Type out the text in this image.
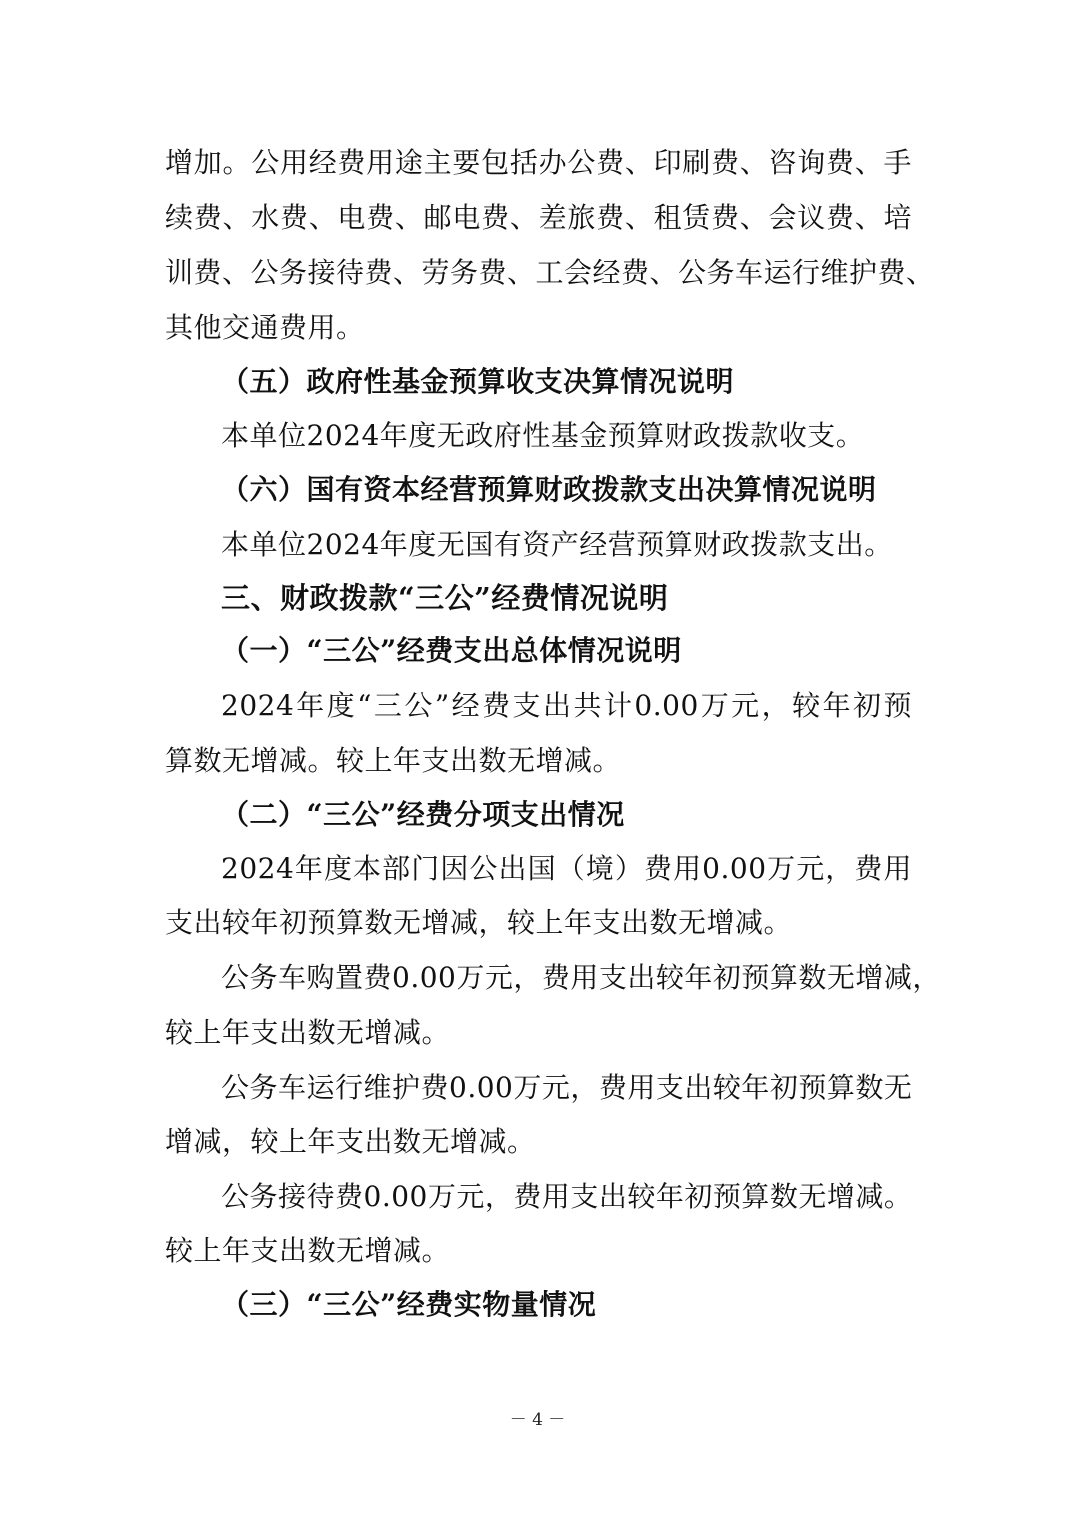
增加。公用经费用途主要包括办公费、印刷费、咨询费、手
续费、水费、电费、邮电费、差旅费、租赁费、会议费、培
训费、公务接待费、劳务费、工会经费、公务车运行维护费、
其他交通费用。
（五）政府性基金预算收支决算情况说明
本单位2024年度无政府性基金预算财政拨款收支。
（六）国有资本经营预算财政拨款支出决算情况说明
本单位2024年度无国有资产经营预算财政拨款支出。
三、财政拨款“三公”经费情况说明
（一）“三公”经费支出总体情况说明
2024年度“三公”经费支出共计0.00万元，较年初预
算数无增减。较上年支出数无增减。
（二）“三公”经费分项支出情况
2024年度本部门因公出国（境）费用0.00万元，费用
支出较年初预算数无增减，较上年支出数无增减。
公务车购置费0.00万元，费用支出较年初预算数无增减，
较上年支出数无增减。
公务车运行维护费0.00万元，费用支出较年初预算数无
增减，较上年支出数无增减。
公务接待费0.00万元，费用支出较年初预算数无增减。
较上年支出数无增减。
（三）“三公”经费实物量情况
－ 4 －
